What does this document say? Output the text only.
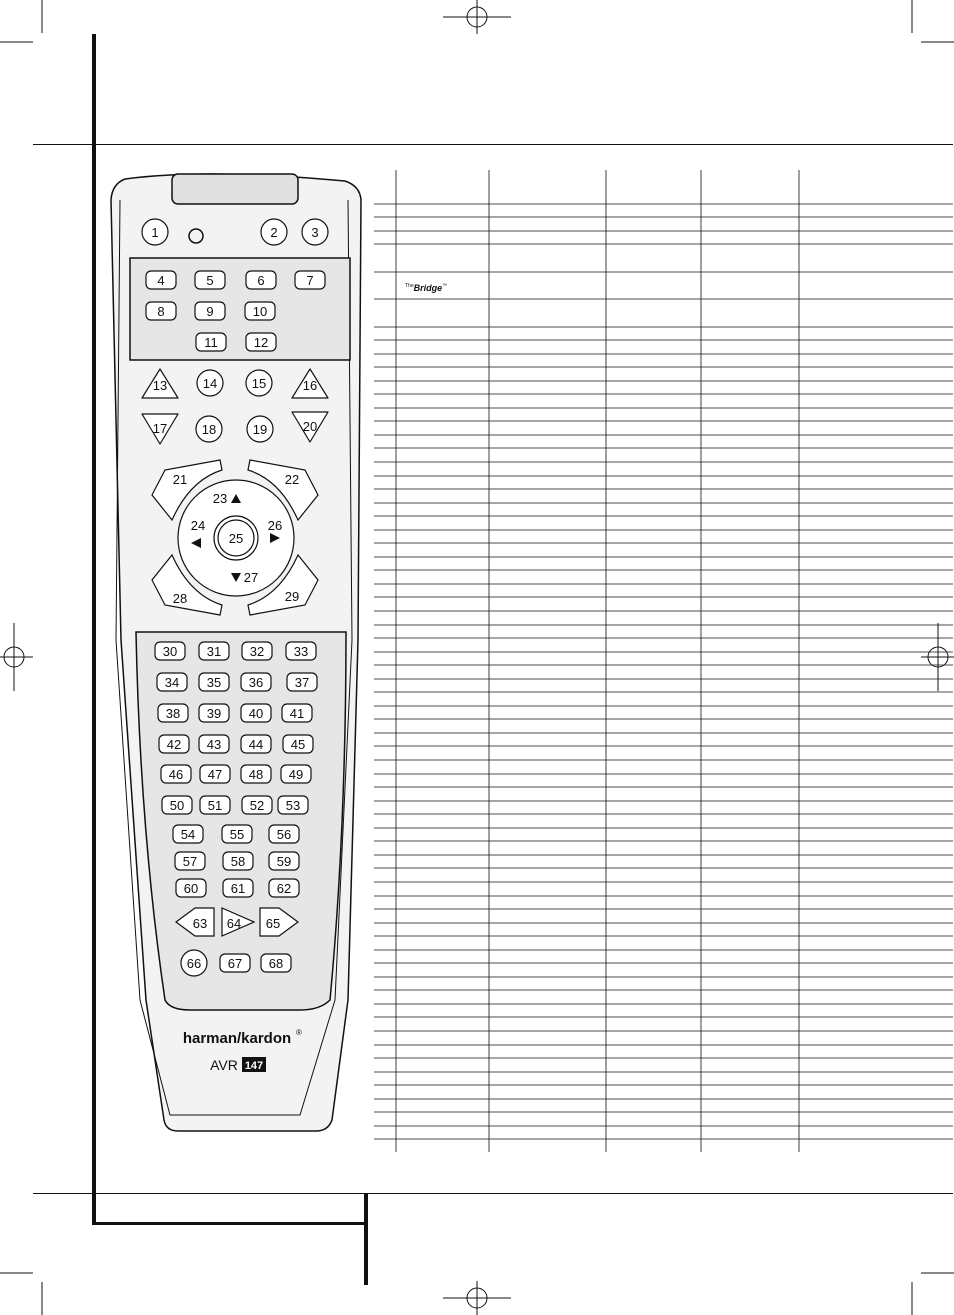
1	2	3
4	5	6	7
8	9	10
11	12
13	14	15	16
17	18	19	20
30 31 32 33
34 35 36 37
38 39 40 41
42 43 44 45
46 47 48 49
50 51 52 53
54	55	56
57	58 59
60	61 62
66 67 68
21	22
28	29
25
23
24	26
27
63 64 65
harman/kardon ®
AVR 147
$^{The}$Bridge™
